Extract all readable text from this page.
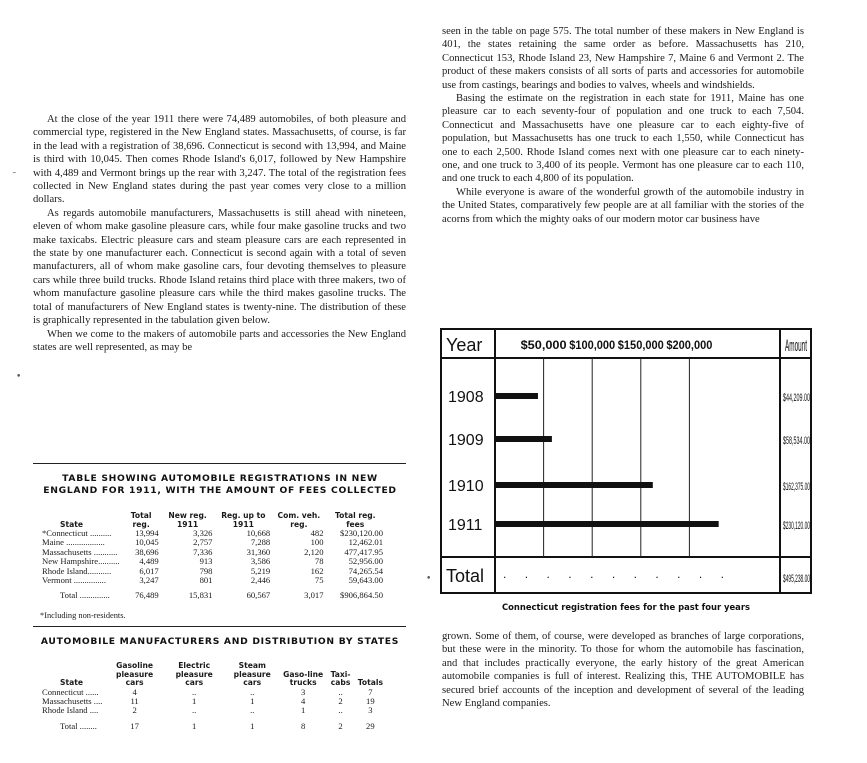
At the close of the year 1911 there were 74,489 automobiles, of both pleasure and commercial type, registered in the New England states. Massachusetts, of course, is far in the lead with a registration of 38,696. Connecticut is second with 13,994, and Maine is third with 10,045. Then comes Rhode Island's 6,017, followed by New Hampshire with 4,489 and Vermont brings up the rear with 3,247. The total of the registration fees collected in New England states during the past year comes very close to a million dollars.

As regards automobile manufacturers, Massachusetts is still ahead with nineteen, eleven of whom make gasoline pleasure cars, while four make gasoline trucks and two make taxicabs. Electric pleasure cars and steam pleasure cars are each represented in the state by one manufacturer each. Connecticut is second again with a total of seven manufacturers, all of whom make gasoline cars, four devoting themselves to pleasure cars while three build trucks. Rhode Island retains third place with three makers, two of whom manufacture gasoline pleasure cars while the third makes gasoline trucks. The total of manufacturers of New England states is twenty-nine. The distribution of these is graphically represented in the tabulation given below.

When we come to the makers of automobile parts and accessories the New England states are well represented, as may be

TABLE SHOWING AUTOMOBILE REGISTRATIONS IN NEW ENGLAND FOR 1911, WITH THE AMOUNT OF FEES COLLECTED

State	Total reg.	New reg. 1911	Reg. up to 1911	Com. veh. reg.	Total reg. fees
*Connecticut ..........	13,994	3,326	10,668	482	$230,120.00
Maine ..................	10,045	2,757	7,288	100	12,462.01
Massachusetts ...........	38,696	7,336	31,360	2,120	477,417.95
New Hampshire..........	4,489	913	3,586	78	52,956.00
Rhode Island...........	6,017	798	5,219	162	74,265.54
Vermont ...............	3,247	801	2,446	75	59,643.00
Total ..............	76,489	15,831	60,567	3,017	$906,864.50
*Including non-residents.

AUTOMOBILE MANUFACTURERS AND DISTRIBUTION BY STATES

State	Gasoline pleasure cars	Electric pleasure cars	Steam pleasure cars	Gaso-line trucks	Taxi-cabs	Totals
Connecticut ......	4	..	..	3	..	7
Massachusetts ....	11	1	1	4	2	19
Rhode Island ....	2	..	..	1	..	3
Total ........	17	1	1	8	2	29

seen in the table on page 575. The total number of these makers in New England is 401, the states retaining the same order as before. Massachusetts has 210, Connecticut 153, Rhode Island 23, New Hampshire 7, Maine 6 and Vermont 2. The product of these makers consists of all sorts of parts and accessories for automobile use from castings, bearings and bodies to valves, wheels and windshields.

Basing the estimate on the registration in each state for 1911, Maine has one pleasure car to each seventy-four of population and one truck to each 7,504. Connecticut and Massachusetts have one pleasure car to each eighty-five of population, but Massachusetts has one truck to each 1,550, while Connecticut has one to each 2,500. Rhode Island comes next with one pleasure car to each ninety-one, and one truck to 3,400 of its people. Vermont has one pleasure car to each 110, and one truck to each 4,800 of its population.

While everyone is aware of the wonderful growth of the automobile industry in the United States, comparatively few people are at all familiar with the stories of the acorns from which the mighty oaks of our modern motor car business have

$50,000 $100,000 $150,000 $200,000
Year	Amount
1908	$44,209.00
1909	$58,534.00
1910	$162,375.00
1911	$230,120.00
Total . . . . . . . . . . .	$495,238.00
Connecticut registration fees for the past four years

grown. Some of them, of course, were developed as branches of large corporations, but these were in the minority. To those for whom the automobile has fascination, and that includes practically everyone, the early history of the great American automobile companies is full of interest. Realizing this, THE AUTOMOBILE has secured brief accounts of the inception and development of several of the leading New England companies.

˜
•
•
